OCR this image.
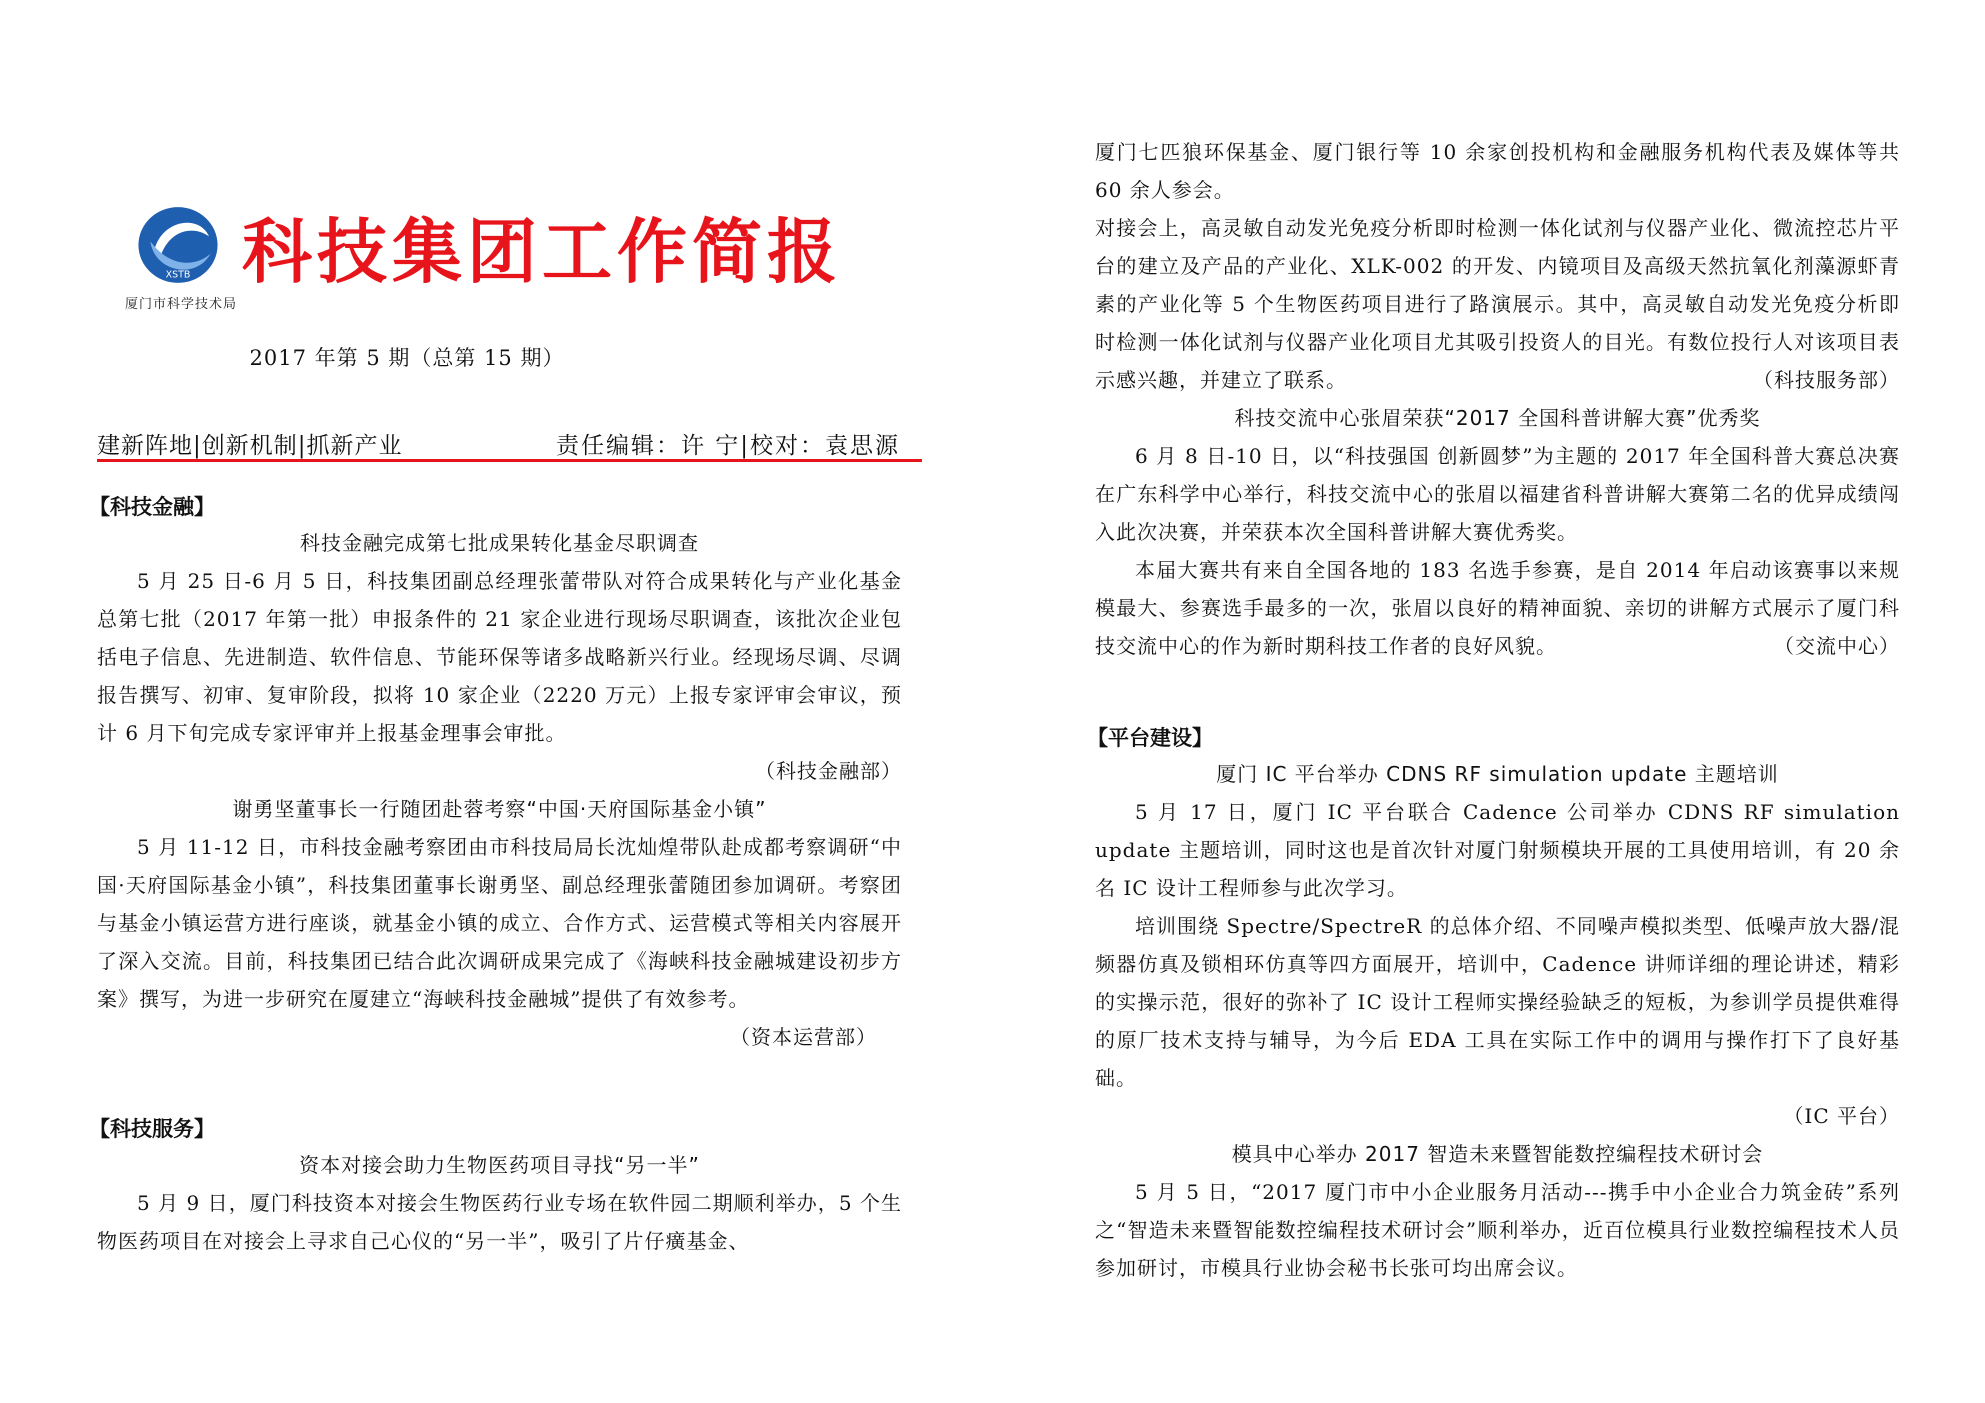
XSTB
厦门市科学技术局
科技集团工作简报
2017 年第 5 期（总第 15 期）
建新阵地|创新机制|抓新产业	责任编辑：许 宁|校对：袁思源
【科技金融】
科技金融完成第七批成果转化基金尽职调查

5 月 25 日-6 月 5 日，科技集团副总经理张蕾带队对符合成果转化与产业化基金总第七批（2017 年第一批）申报条件的 21 家企业进行现场尽职调查，该批次企业包括电子信息、先进制造、软件信息、节能环保等诸多战略新兴行业。经现场尽调、尽调报告撰写、初审、复审阶段，拟将 10 家企业（2220 万元）上报专家评审会审议，预计 6 月下旬完成专家评审并上报基金理事会审批。

（科技金融部）

谢勇坚董事长一行随团赴蓉考察“中国·天府国际基金小镇”

5 月 11-12 日，市科技金融考察团由市科技局局长沈灿煌带队赴成都考察调研“中国·天府国际基金小镇”，科技集团董事长谢勇坚、副总经理张蕾随团参加调研。考察团与基金小镇运营方进行座谈，就基金小镇的成立、合作方式、运营模式等相关内容展开了深入交流。目前，科技集团已结合此次调研成果完成了《海峡科技金融城建设初步方案》撰写，为进一步研究在厦建立“海峡科技金融城”提供了有效参考。

（资本运营部）

【科技服务】
资本对接会助力生物医药项目寻找“另一半”

5 月 9 日，厦门科技资本对接会生物医药行业专场在软件园二期顺利举办，5 个生物医药项目在对接会上寻求自己心仪的“另一半”，吸引了片仔癀基金、

厦门七匹狼环保基金、厦门银行等 10 余家创投机构和金融服务机构代表及媒体等共 60 余人参会。

对接会上，高灵敏自动发光免疫分析即时检测一体化试剂与仪器产业化、微流控芯片平台的建立及产品的产业化、XLK-002 的开发、内镜项目及高级天然抗氧化剂藻源虾青素的产业化等 5 个生物医药项目进行了路演展示。其中，高灵敏自动发光免疫分析即时检测一体化试剂与仪器产业化项目尤其吸引投资人的目光。有数位投行人对该项目表示感兴趣，并建立了联系。	（科技服务部）

科技交流中心张眉荣获“2017 全国科普讲解大赛”优秀奖

6 月 8 日-10 日，以“科技强国 创新圆梦”为主题的 2017 年全国科普大赛总决赛在广东科学中心举行，科技交流中心的张眉以福建省科普讲解大赛第二名的优异成绩闯入此次决赛，并荣获本次全国科普讲解大赛优秀奖。

本届大赛共有来自全国各地的 183 名选手参赛，是自 2014 年启动该赛事以来规模最大、参赛选手最多的一次，张眉以良好的精神面貌、亲切的讲解方式展示了厦门科技交流中心的作为新时期科技工作者的良好风貌。	（交流中心）

【平台建设】
厦门 IC 平台举办 CDNS RF simulation update 主题培训

5 月 17 日，厦门 IC 平台联合 Cadence 公司举办 CDNS RF simulation update 主题培训，同时这也是首次针对厦门射频模块开展的工具使用培训，有 20 余名 IC 设计工程师参与此次学习。

培训围绕 Spectre/SpectreR 的总体介绍、不同噪声模拟类型、低噪声放大器/混频器仿真及锁相环仿真等四方面展开，培训中，Cadence 讲师详细的理论讲述，精彩的实操示范，很好的弥补了 IC 设计工程师实操经验缺乏的短板，为参训学员提供难得的原厂技术支持与辅导，为今后 EDA 工具在实际工作中的调用与操作打下了良好基础。

（IC 平台）

模具中心举办 2017 智造未来暨智能数控编程技术研讨会

5 月 5 日，“2017 厦门市中小企业服务月活动---携手中小企业合力筑金砖”系列之“智造未来暨智能数控编程技术研讨会”顺利举办，近百位模具行业数控编程技术人员参加研讨，市模具行业协会秘书长张可均出席会议。
